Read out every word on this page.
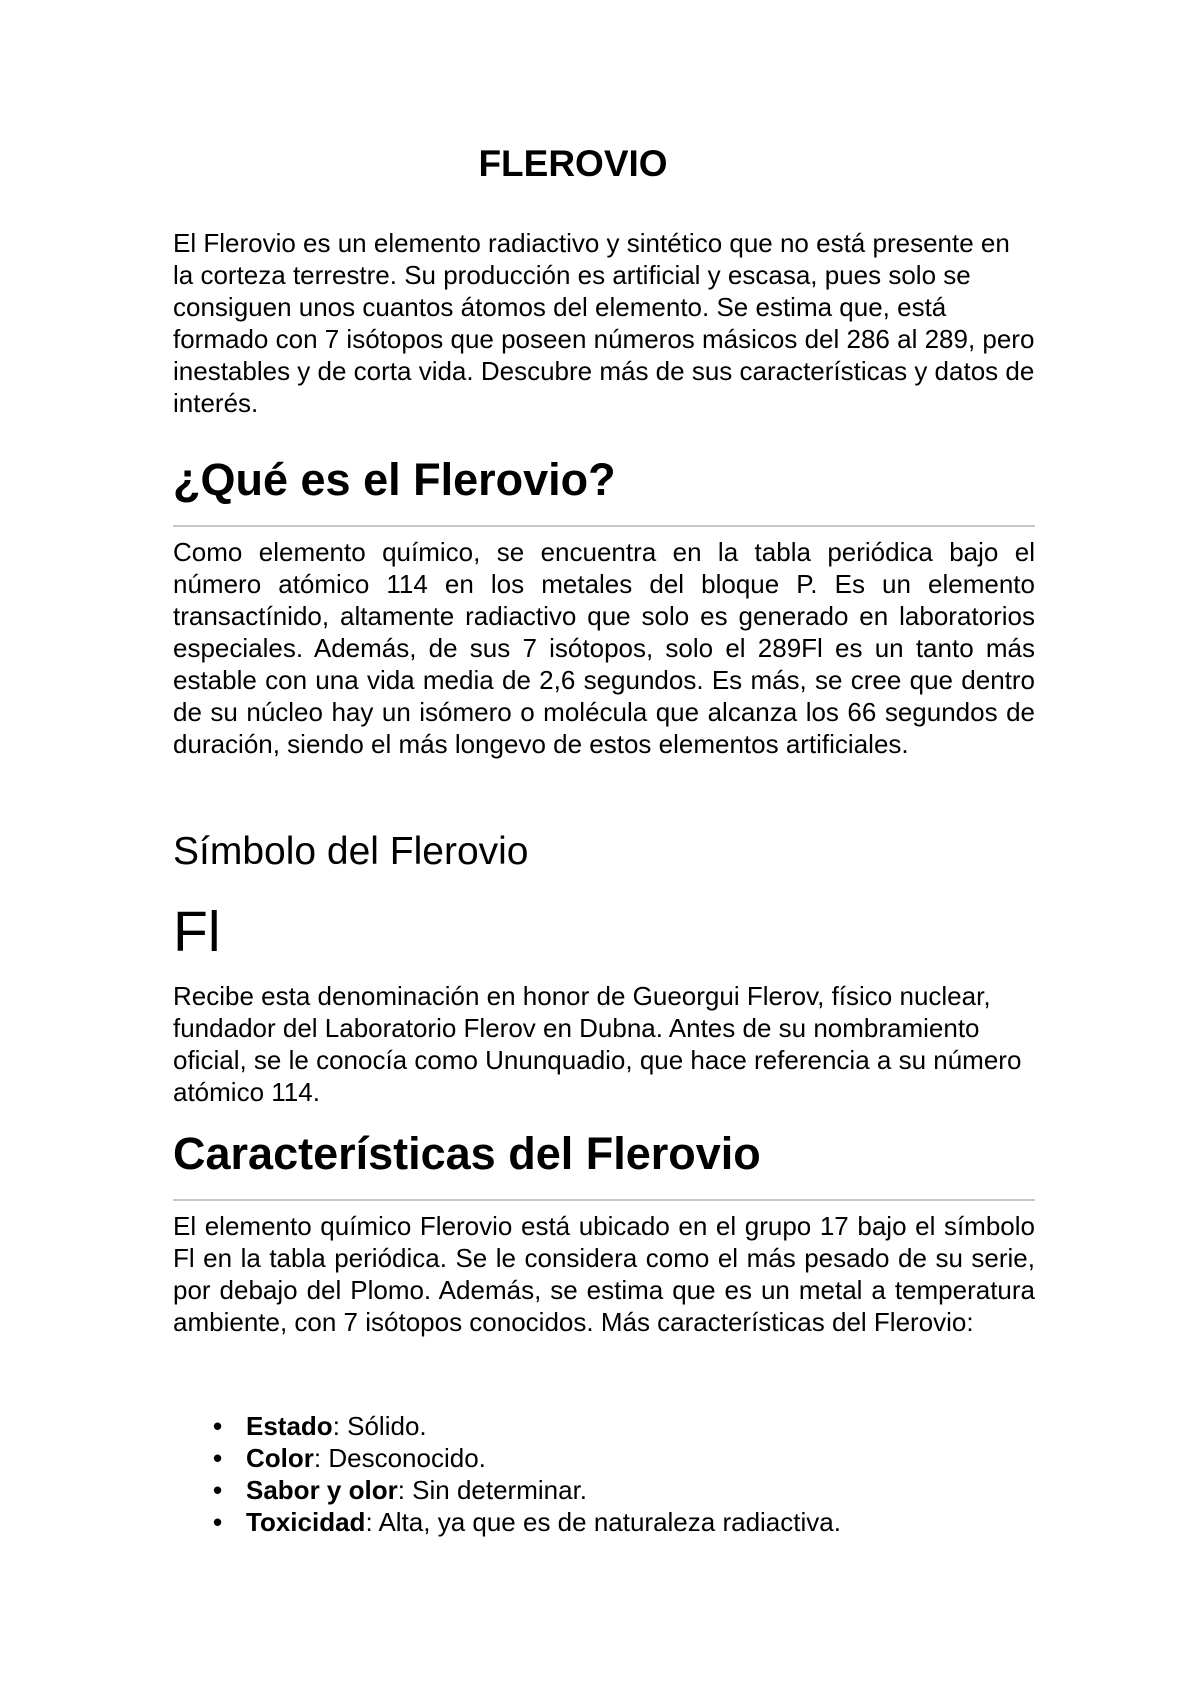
FLEROVIO

El Flerovio es un elemento radiactivo y sintético que no está presente en la corteza terrestre. Su producción es artificial y escasa, pues solo se consiguen unos cuantos átomos del elemento. Se estima que, está formado con 7 isótopos que poseen números másicos del 286 al 289, pero inestables y de corta vida. Descubre más de sus características y datos de interés.

¿Qué es el Flerovio?

Como elemento químico, se encuentra en la tabla periódica bajo el número atómico 114 en los metales del bloque P. Es un elemento transactínido, altamente radiactivo que solo es generado en laboratorios especiales. Además, de sus 7 isótopos, solo el 289Fl es un tanto más estable con una vida media de 2,6 segundos. Es más, se cree que dentro de su núcleo hay un isómero o molécula que alcanza los 66 segundos de duración, siendo el más longevo de estos elementos artificiales.

Símbolo del Flerovio
Fl

Recibe esta denominación en honor de Gueorgui Flerov, físico nuclear, fundador del Laboratorio Flerov en Dubna. Antes de su nombramiento oficial, se le conocía como Ununquadio, que hace referencia a su número atómico 114.

Características del Flerovio

El elemento químico Flerovio está ubicado en el grupo 17 bajo el símbolo Fl en la tabla periódica. Se le considera como el más pesado de su serie, por debajo del Plomo. Además, se estima que es un metal a temperatura ambiente, con 7 isótopos conocidos. Más características del Flerovio:

• Estado: Sólido.
• Color: Desconocido.
• Sabor y olor: Sin determinar.
• Toxicidad: Alta, ya que es de naturaleza radiactiva.
